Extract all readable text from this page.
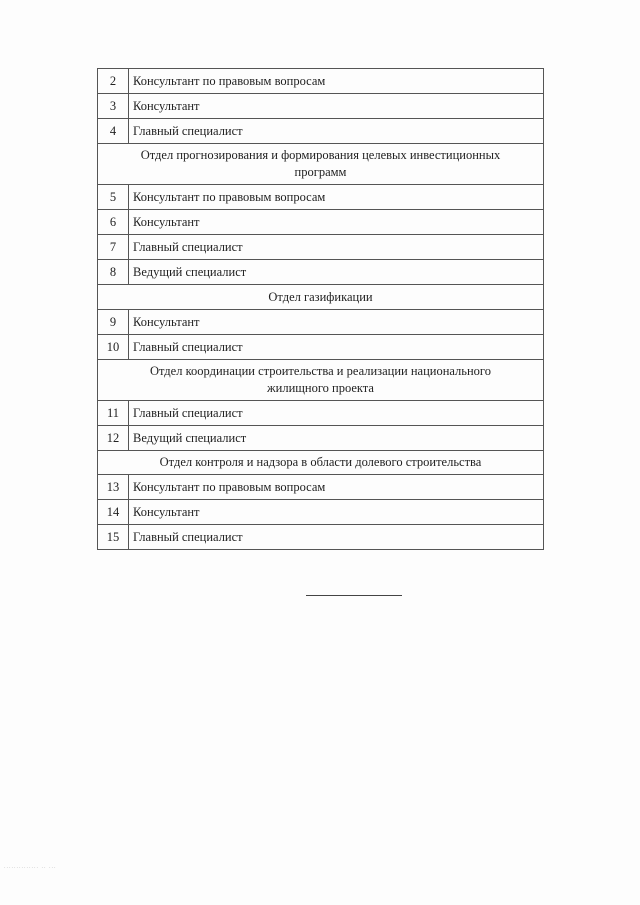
2	Консультант по правовым вопросам
3	Консультант
4	Главный специалист
Отдел прогнозирования и формирования целевых инвестиционных программ	
5	Консультант по правовым вопросам
6	Консультант
7	Главный специалист
8	Ведущий специалист
Отдел газификации	
9	Консультант
10	Главный специалист
Отдел координации строительства и реализации национального жилищного проекта	
11	Главный специалист
12	Ведущий специалист
Отдел контроля и надзора в области долевого строительства	
13	Консультант по правовым вопросам
14	Консультант
15	Главный специалист
.............. .. ...
